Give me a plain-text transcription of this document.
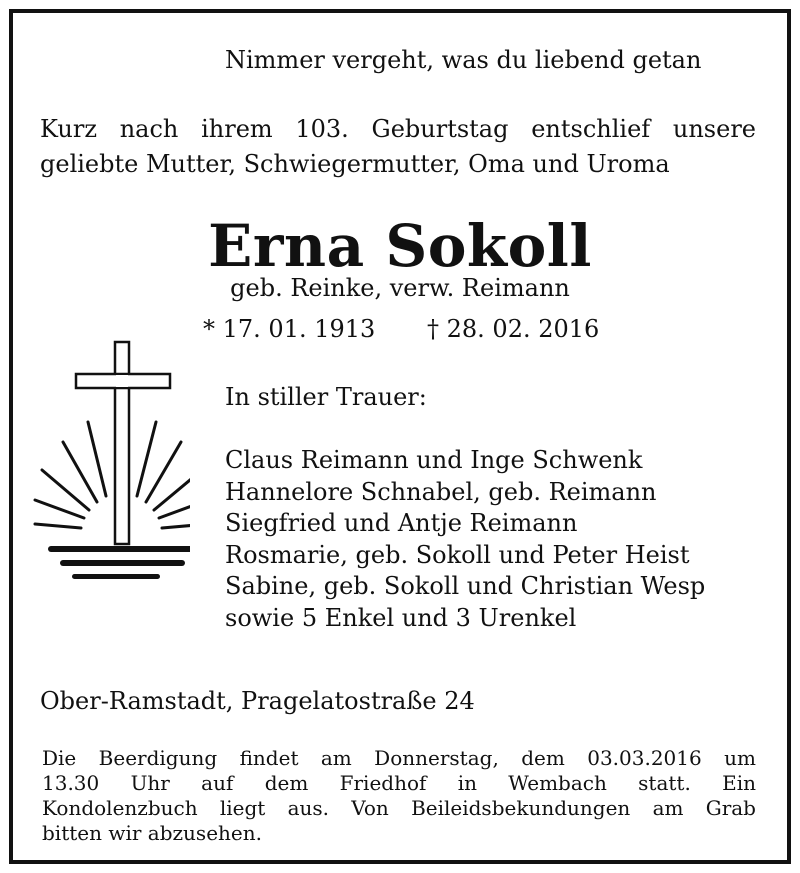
Nimmer vergeht, was du liebend getan
Kurz nach ihrem 103. Geburtstag entschlief unsere
geliebte Mutter, Schwiegermutter, Oma und Uroma
Erna Sokoll
geb. Reinke, verw. Reimann
* 17. 01. 1913 † 28. 02. 2016
In stiller Trauer:
Claus Reimann und Inge Schwenk
Hannelore Schnabel, geb. Reimann
Siegfried und Antje Reimann
Rosmarie, geb. Sokoll und Peter Heist
Sabine, geb. Sokoll und Christian Wesp
sowie 5 Enkel und 3 Urenkel
Ober-Ramstadt, Pragelatostraße 24
Die Beerdigung findet am Donnerstag, dem 03.03.2016 um
13.30 Uhr auf dem Friedhof in Wembach statt. Ein
Kondolenzbuch liegt aus. Von Beileidsbekundungen am Grab
bitten wir abzusehen.
